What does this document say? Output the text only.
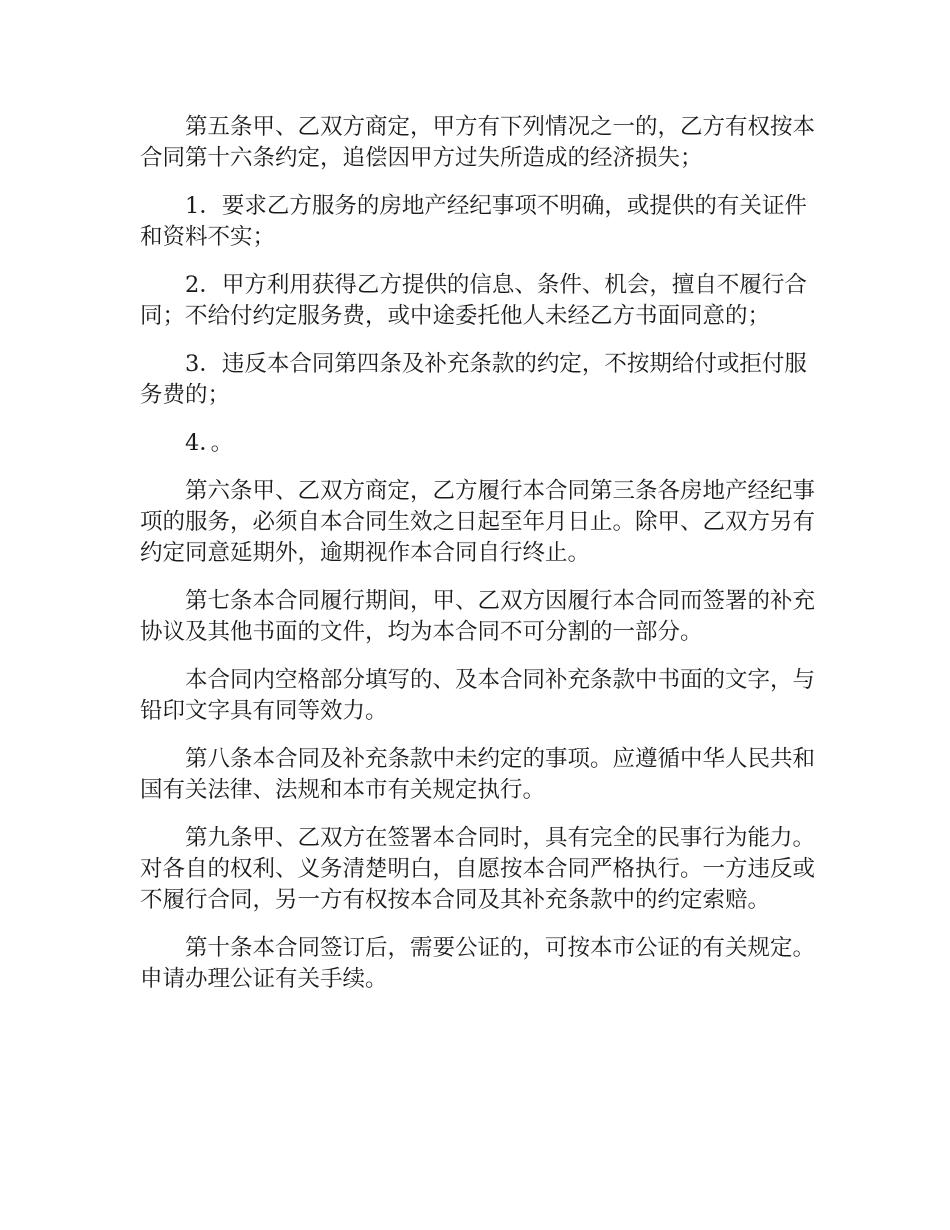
第五条甲、乙双方商定，甲方有下列情况之一的，乙方有权按本合同第十六条约定，追偿因甲方过失所造成的经济损失；

1．要求乙方服务的房地产经纪事项不明确，或提供的有关证件和资料不实；

2．甲方利用获得乙方提供的信息、条件、机会，擅自不履行合同；不给付约定服务费，或中途委托他人未经乙方书面同意的；

3．违反本合同第四条及补充条款的约定，不按期给付或拒付服务费的；

4．。

第六条甲、乙双方商定，乙方履行本合同第三条各房地产经纪事项的服务，必须自本合同生效之日起至年月日止。除甲、乙双方另有约定同意延期外，逾期视作本合同自行终止。

第七条本合同履行期间，甲、乙双方因履行本合同而签署的补充协议及其他书面的文件，均为本合同不可分割的一部分。

本合同内空格部分填写的、及本合同补充条款中书面的文字，与铅印文字具有同等效力。

第八条本合同及补充条款中未约定的事项。应遵循中华人民共和国有关法律、法规和本市有关规定执行。

第九条甲、乙双方在签署本合同时，具有完全的民事行为能力。对各自的权利、义务清楚明白，自愿按本合同严格执行。一方违反或不履行合同，另一方有权按本合同及其补充条款中的约定索赔。

第十条本合同签订后，需要公证的，可按本市公证的有关规定。申请办理公证有关手续。
